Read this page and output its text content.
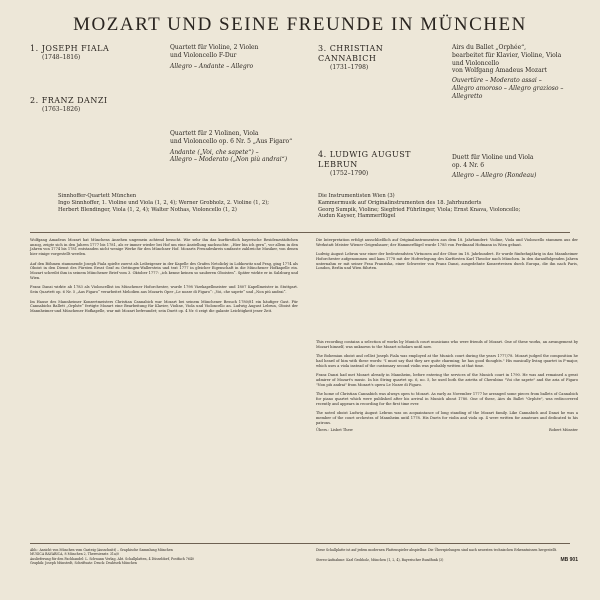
MOZART UND SEINE FREUNDE IN MÜNCHEN
1. JOSEPH FIALA
(1748–1816)
Quartett für Violine, 2 Violen
und Violoncello F-Dur
Allegro – Andante – Allegro
2. FRANZ DANZI
(1763–1826)
Quartett für 2 Violinen, Viola
und Violoncello op. 6 Nr. 5 „Aus Figaro“
Andante („Voi, che sapete“) –
Allegro – Moderato („Non più andrai“)
3. CHRISTIAN CANNABICH
(1731–1798)
Airs du Ballet „Orphée“,
bearbeitet für Klavier, Violine, Viola
und Violoncello
von Wolfgang Amadeus Mozart
Ouvertüre – Moderato assai –
Allegro amoroso – Allegro grazioso –
Allegretto
4. LUDWIG AUGUST LEBRUN
(1752–1790)
Duett für Violine und Viola
op. 4 Nr. 6
Allegro – Allegro (Rondeau)
Sinnhoffer-Quartett München
Ingo Sinnhoffer, 1. Violine und Viola (1, 2, 4); Werner Grobholz, 2. Violine (1, 2);
Herbert Blendinger, Viola (1, 2, 4); Walter Nothas, Violoncello (1, 2)
Die Instrumentisten Wien (3)
Kammermusik auf Originalinstrumenten des 18. Jahrhunderts
Georg Sumpik, Violine; Siegfried Führlinger, Viola; Ernst Knava, Violoncello;
Audun Kayser, Hammerflügel

Wolfgang Amadeus Mozart hat Münchens Ansehen ungemein achtend besucht. Wie sehr ihn das kurfürstlich bayerische Residenzstädtchen anzog, zeigte sich in den Jahren 1777 bis 1781, als er immer wieder bei Hof um eine Anstellung nachsuchte. „Hier bin ich gern“, vor allem in den Jahren von 1774 bis 1781 entstanden nicht wenige Werke für den Münchner Hof. Mozarts Freundeskreis umfasste zahlreiche Musiker, von denen hier einige vorgestellt werden.

Auf den Böhmen stammende Joseph Fiala spielte zuerst als Leibeigener in der Kapelle des Grafen Netolický in Lobkowitz und Prag, ging 1774 als Oboist in den Dienst des Fürsten Ernst Graf zu Oettingen-Wallerstein und trat 1777 in gleicher Eigenschaft in die Münchener Hofkapelle ein. Mozart schreibt ihm in seinem Münchener Brief vom 3. Oktober 1777: „ich kenne keinen so sauberen Oboisten“. Später wirkte er in Salzburg und Wien.

Franz Danzi wirkte ab 1783 als Violoncellist im Münchener Hoforchester, wurde 1798 Vizekapellmeister und 1807 Kapellmeister in Stuttgart. Sein Quartett op. 6 Nr. 5 „Aus Figaro“ verarbeitet Melodien aus Mozarts Oper „Le nozze di Figaro“: „Voi, che sapete“ und „Non più andrai“.

Im Hause des Mannheimer Konzertmeisters Christian Cannabich war Mozart bei seinem Münchener Besuch 1780/81 ein häufiger Gast. Für Cannabichs Ballett „Orphée“ fertigte Mozart eine Bearbeitung für Klavier, Violine, Viola und Violoncello an. Ludwig August Lebrun, Oboist der Mannheimer und Münchener Hofkapelle, war mit Mozart befreundet; sein Duett op. 4 Nr. 6 zeigt die galante Leichtigkeit jener Zeit.

Die Interpretation erfolgt ausschließlich auf Originalinstrumenten aus dem 18. Jahrhundert: Violine, Viola und Violoncello stammen aus der Werkstatt Meister Wiener Geigenbauer; der Hammerflügel wurde 1785 von Ferdinand Hofmann in Wien gebaut.

Ludwig August Lebrun war einer der bedeutendsten Virtuosen auf der Oboe im 18. Jahrhundert. Er wurde fünfzehnjährig in das Mannheimer Hoforchester aufgenommen und kam 1778 mit der Hofverlegung des Kurfürsten Karl Theodor nach München. In den darauffolgenden Jahren unternahm er mit seiner Frau Franziska, einer Schwester von Franz Danzi, ausgedehnte Konzertreisen durch Europa, die ihn nach Paris, London, Berlin und Wien führten.

This recording contains a selection of works by Munich court musicians who were friends of Mozart. One of these works, an arrangement by Mozart himself, was unknown to the Mozart scholars until now.

The Bohemian oboist and cellist Joseph Fiala was employed at the Munich court during the years 1777/78. Mozart judged the composition he had heard of him with these words: "I must say that they are quite charming; he has good thoughts." His musically living quartet in F-major, which uses a viola instead of the customary second violin was probably written at that time.

Franz Danzi had met Mozart already in Mannheim, before entering the services of the Munich court in 1790. He was and remained a great admirer of Mozart's music. In his String quartet op. 6, no. 5, he used both the arietta of Cherubino "Voi che sapete" and the aria of Figaro "Non più andrai" from Mozart's opera Le Nozze di Figaro.

The home of Christian Cannabich was always open to Mozart. As early as November 1777 he arranged some pieces from ballets of Cannabich for piano quartet which were published after his arrival in Munich about 1780. One of these, Airs du Ballet "Orphée", was rediscovered recently and appears in recording for the first time ever.

The noted oboist Ludwig August Lebrun was on acquaintance of long standing of the Mozart family. Like Cannabich and Danzi he was a member of the court orchestra of Mannheim until 1778. His Duets for violin and viola op. 4 were written for amateurs and dedicated to his patrons.

Übers.: Lisbet Thew	Robert Münster
Abb.: Ansicht von München vom Gasteig (Ausschnitt) – Graphische Sammlung München
MUSICA BAVARICA, 8 München 2, Theresienstr. 31a/0
Auslieferung für den Fachhandel: L. Schwann Verlag, Abt. Schallplatten, 4 Düsseldorf, Postfach 7640
Graphik: Joseph Münstedt, Schriftsatz: Druck: Drahtsek München
Diese Schallplatte ist auf jedem modernen Plattenspieler abspielbar. Die Überspielungen sind nach neuesten technischen Erkenntnissen hergestellt.
Stereo-Aufnahme: Karl Grobholz, München (1, 2, 4), Bayerischer Rundfunk (3)	MB 901
